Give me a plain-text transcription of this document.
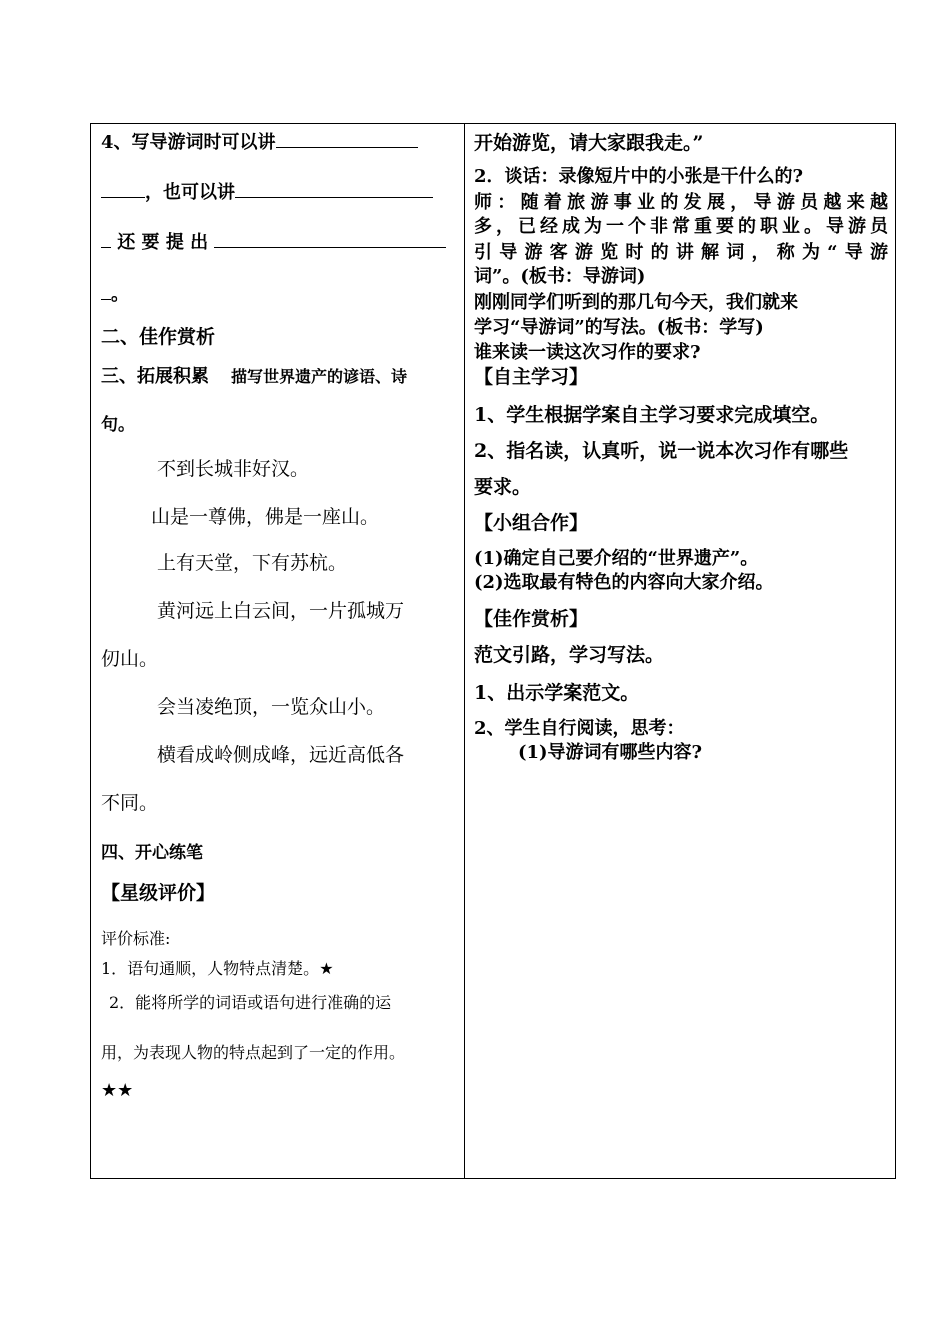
4、写导游词时可以讲
，也可以讲
还 要 提 出
。
二、佳作赏析
三、拓展积累 描写世界遗产的谚语、诗
句。
不到长城非好汉。
山是一尊佛，佛是一座山。
上有天堂，下有苏杭。
黄河远上白云间，一片孤城万
仞山。
会当凌绝顶，一览众山小。
横看成岭侧成峰，远近高低各
不同。
四、开心练笔
【星级评价】
评价标准:
1．语句通顺，人物特点清楚。★
2．能将所学的词语或语句进行准确的运
用，为表现人物的特点起到了一定的作用。
★★
开始游览，请大家跟我走。”
2．谈话：录像短片中的小张是干什么的?
师：随着旅游事业的发展，导游员越来越
多，已经成为一个非常重要的职业。导游员
引导游客游览时的讲解词，称为“导游
词”。(板书：导游词)
刚刚同学们听到的那几句今天，我们就来
学习“导游词”的写法。(板书：学写)
谁来读一读这次习作的要求?
【自主学习】
1、学生根据学案自主学习要求完成填空。
2、指名读，认真听，说一说本次习作有哪些
要求。
【小组合作】
(1)确定自己要介绍的“世界遗产”。
(2)选取最有特色的内容向大家介绍。
【佳作赏析】
范文引路，学习写法。
1、出示学案范文。
2、学生自行阅读，思考：
(1)导游词有哪些内容?
